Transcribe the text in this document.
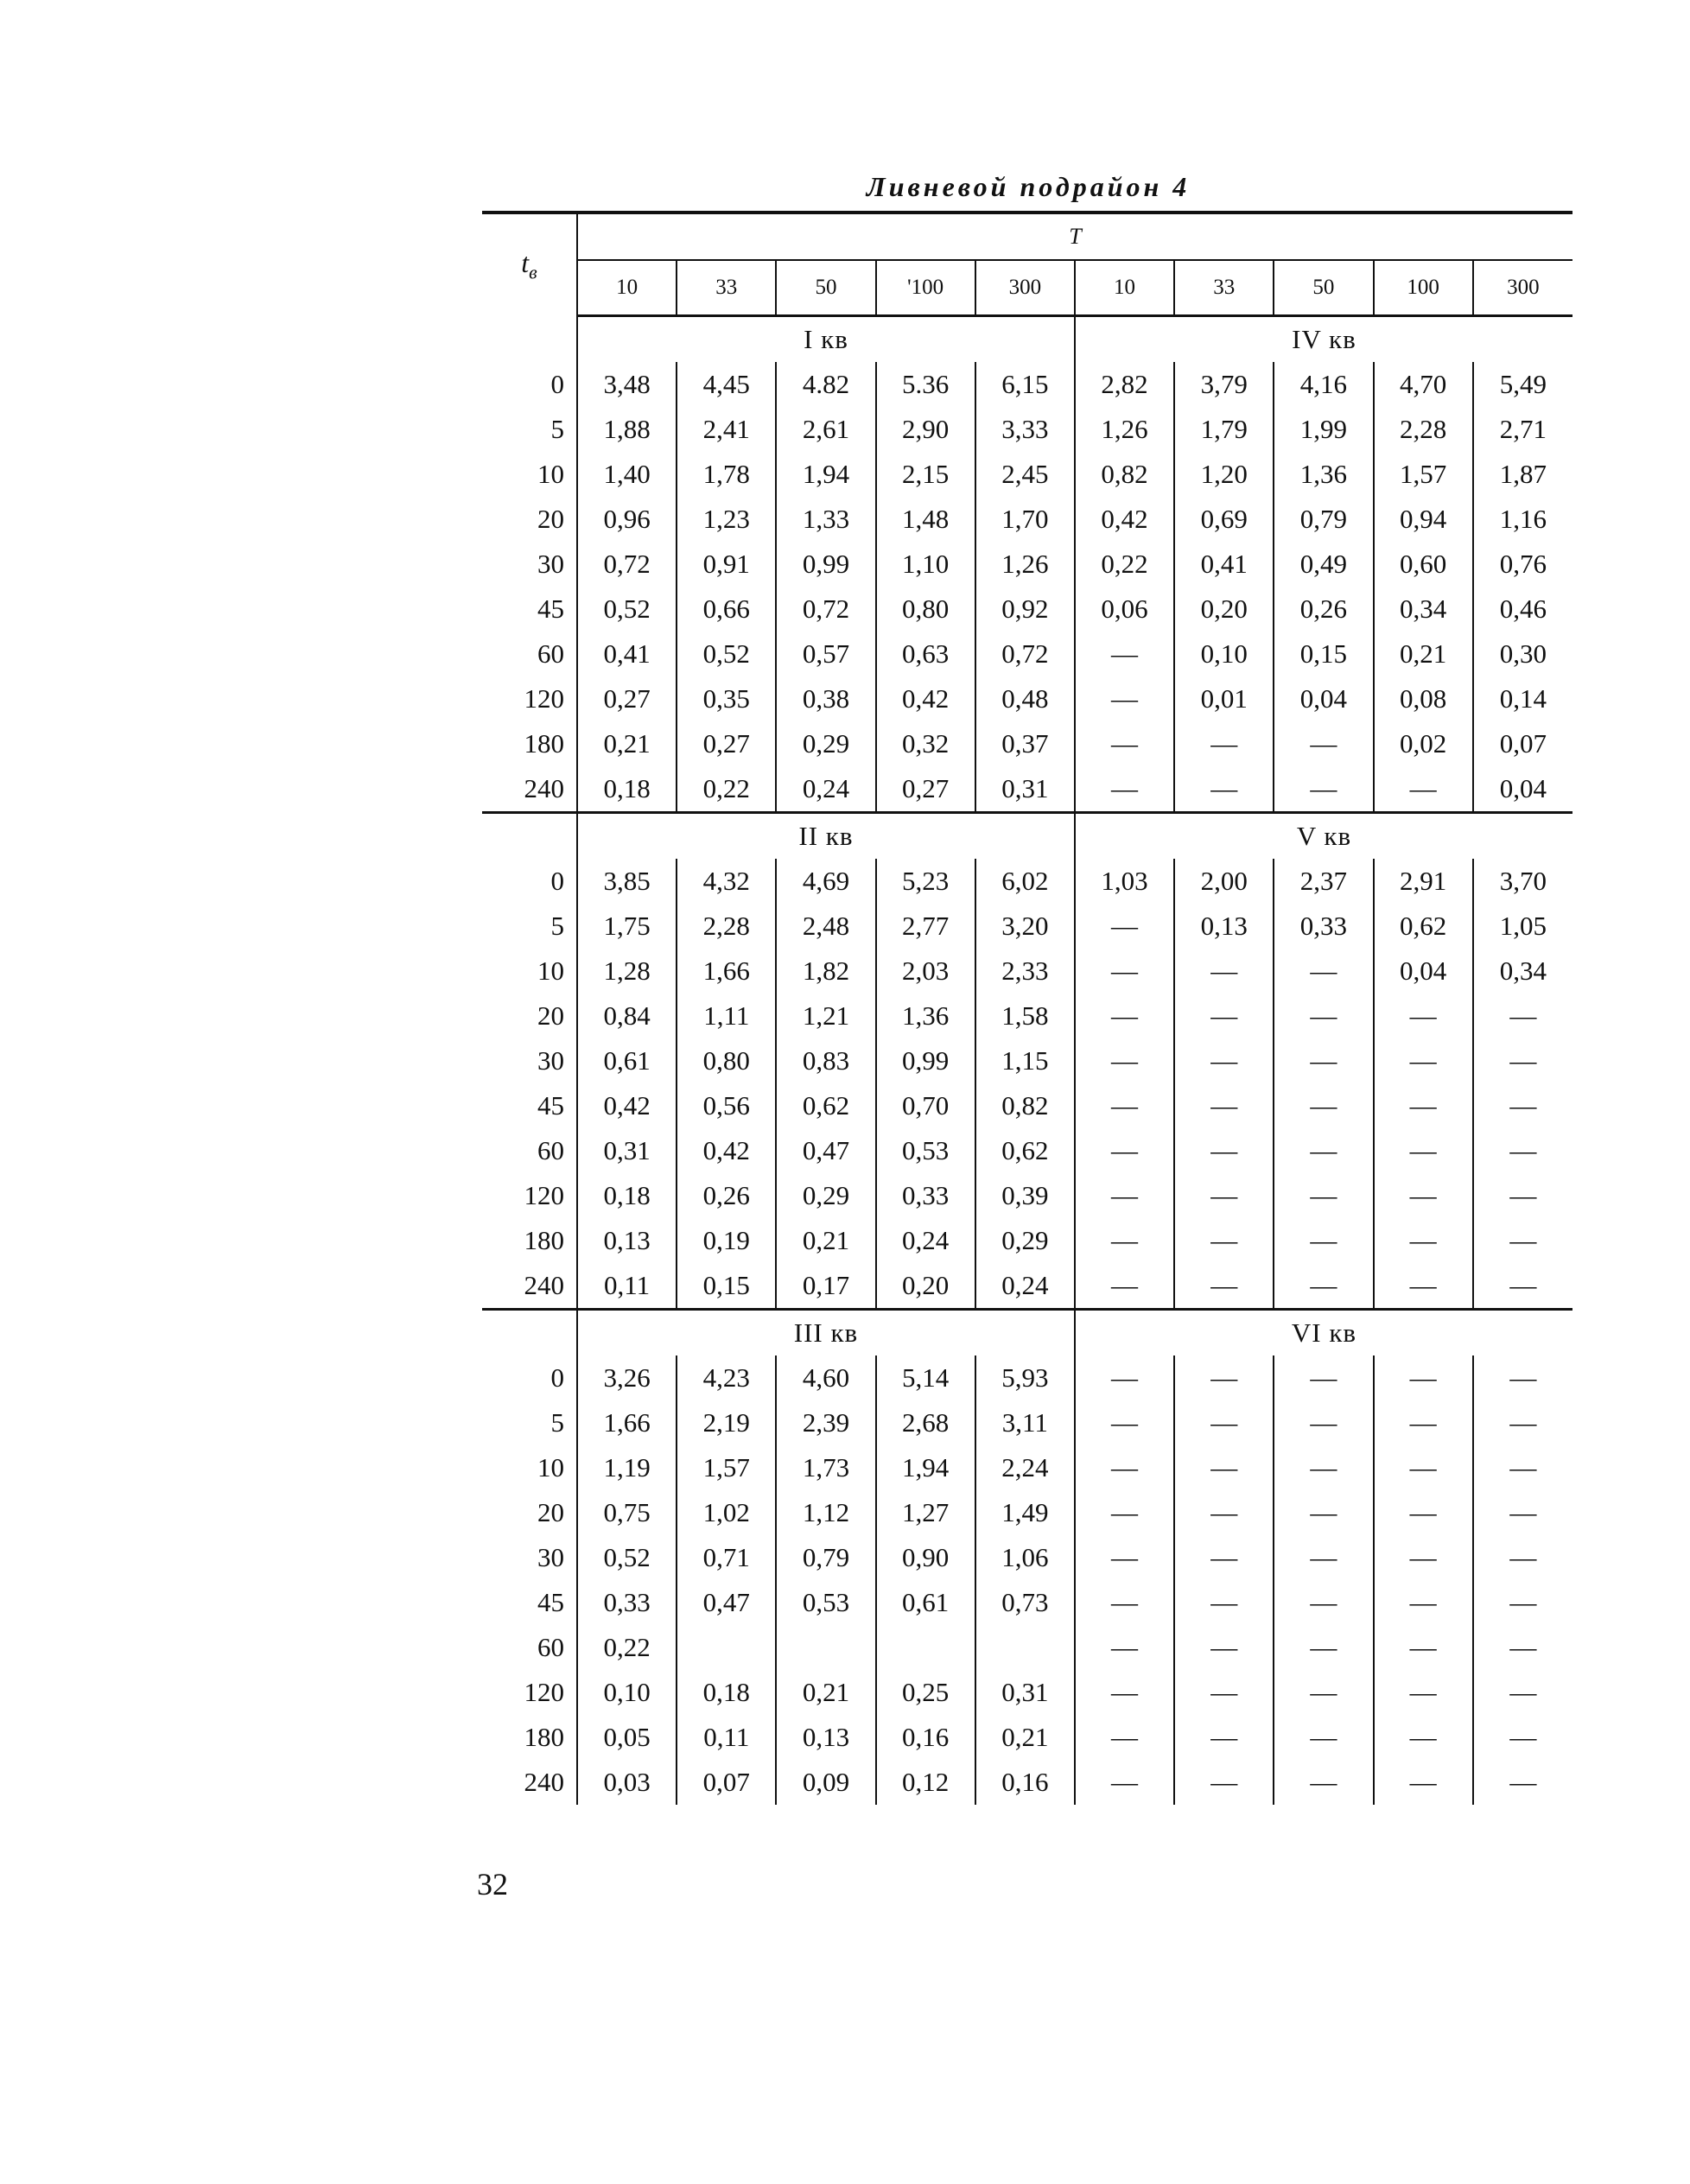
Ливневой подрайон 4
$t_в$	T									
	10	33	50	'100	300	10	33	50	100	300
	I кв					IV кв				
0	3,48	4,45	4.82	5.36	6,15	2,82	3,79	4,16	4,70	5,49
5	1,88	2,41	2,61	2,90	3,33	1,26	1,79	1,99	2,28	2,71
10	1,40	1,78	1,94	2,15	2,45	0,82	1,20	1,36	1,57	1,87
20	0,96	1,23	1,33	1,48	1,70	0,42	0,69	0,79	0,94	1,16
30	0,72	0,91	0,99	1,10	1,26	0,22	0,41	0,49	0,60	0,76
45	0,52	0,66	0,72	0,80	0,92	0,06	0,20	0,26	0,34	0,46
60	0,41	0,52	0,57	0,63	0,72	—	0,10	0,15	0,21	0,30
120	0,27	0,35	0,38	0,42	0,48	—	0,01	0,04	0,08	0,14
180	0,21	0,27	0,29	0,32	0,37	—	—	—	0,02	0,07
240	0,18	0,22	0,24	0,27	0,31	—	—	—	—	0,04
	II кв					V кв				
0	3,85	4,32	4,69	5,23	6,02	1,03	2,00	2,37	2,91	3,70
5	1,75	2,28	2,48	2,77	3,20	—	0,13	0,33	0,62	1,05
10	1,28	1,66	1,82	2,03	2,33	—	—	—	0,04	0,34
20	0,84	1,11	1,21	1,36	1,58	—	—	—	—	—
30	0,61	0,80	0,83	0,99	1,15	—	—	—	—	—
45	0,42	0,56	0,62	0,70	0,82	—	—	—	—	—
60	0,31	0,42	0,47	0,53	0,62	—	—	—	—	—
120	0,18	0,26	0,29	0,33	0,39	—	—	—	—	—
180	0,13	0,19	0,21	0,24	0,29	—	—	—	—	—
240	0,11	0,15	0,17	0,20	0,24	—	—	—	—	—
	III кв					VI кв				
0	3,26	4,23	4,60	5,14	5,93	—	—	—	—	—
5	1,66	2,19	2,39	2,68	3,11	—	—	—	—	—
10	1,19	1,57	1,73	1,94	2,24	—	—	—	—	—
20	0,75	1,02	1,12	1,27	1,49	—	—	—	—	—
30	0,52	0,71	0,79	0,90	1,06	—	—	—	—	—
45	0,33	0,47	0,53	0,61	0,73	—	—	—	—	—
60	0,22					—	—	—	—	—
120	0,10	0,18	0,21	0,25	0,31	—	—	—	—	—
180	0,05	0,11	0,13	0,16	0,21	—	—	—	—	—
240	0,03	0,07	0,09	0,12	0,16	—	—	—	—	—
32
